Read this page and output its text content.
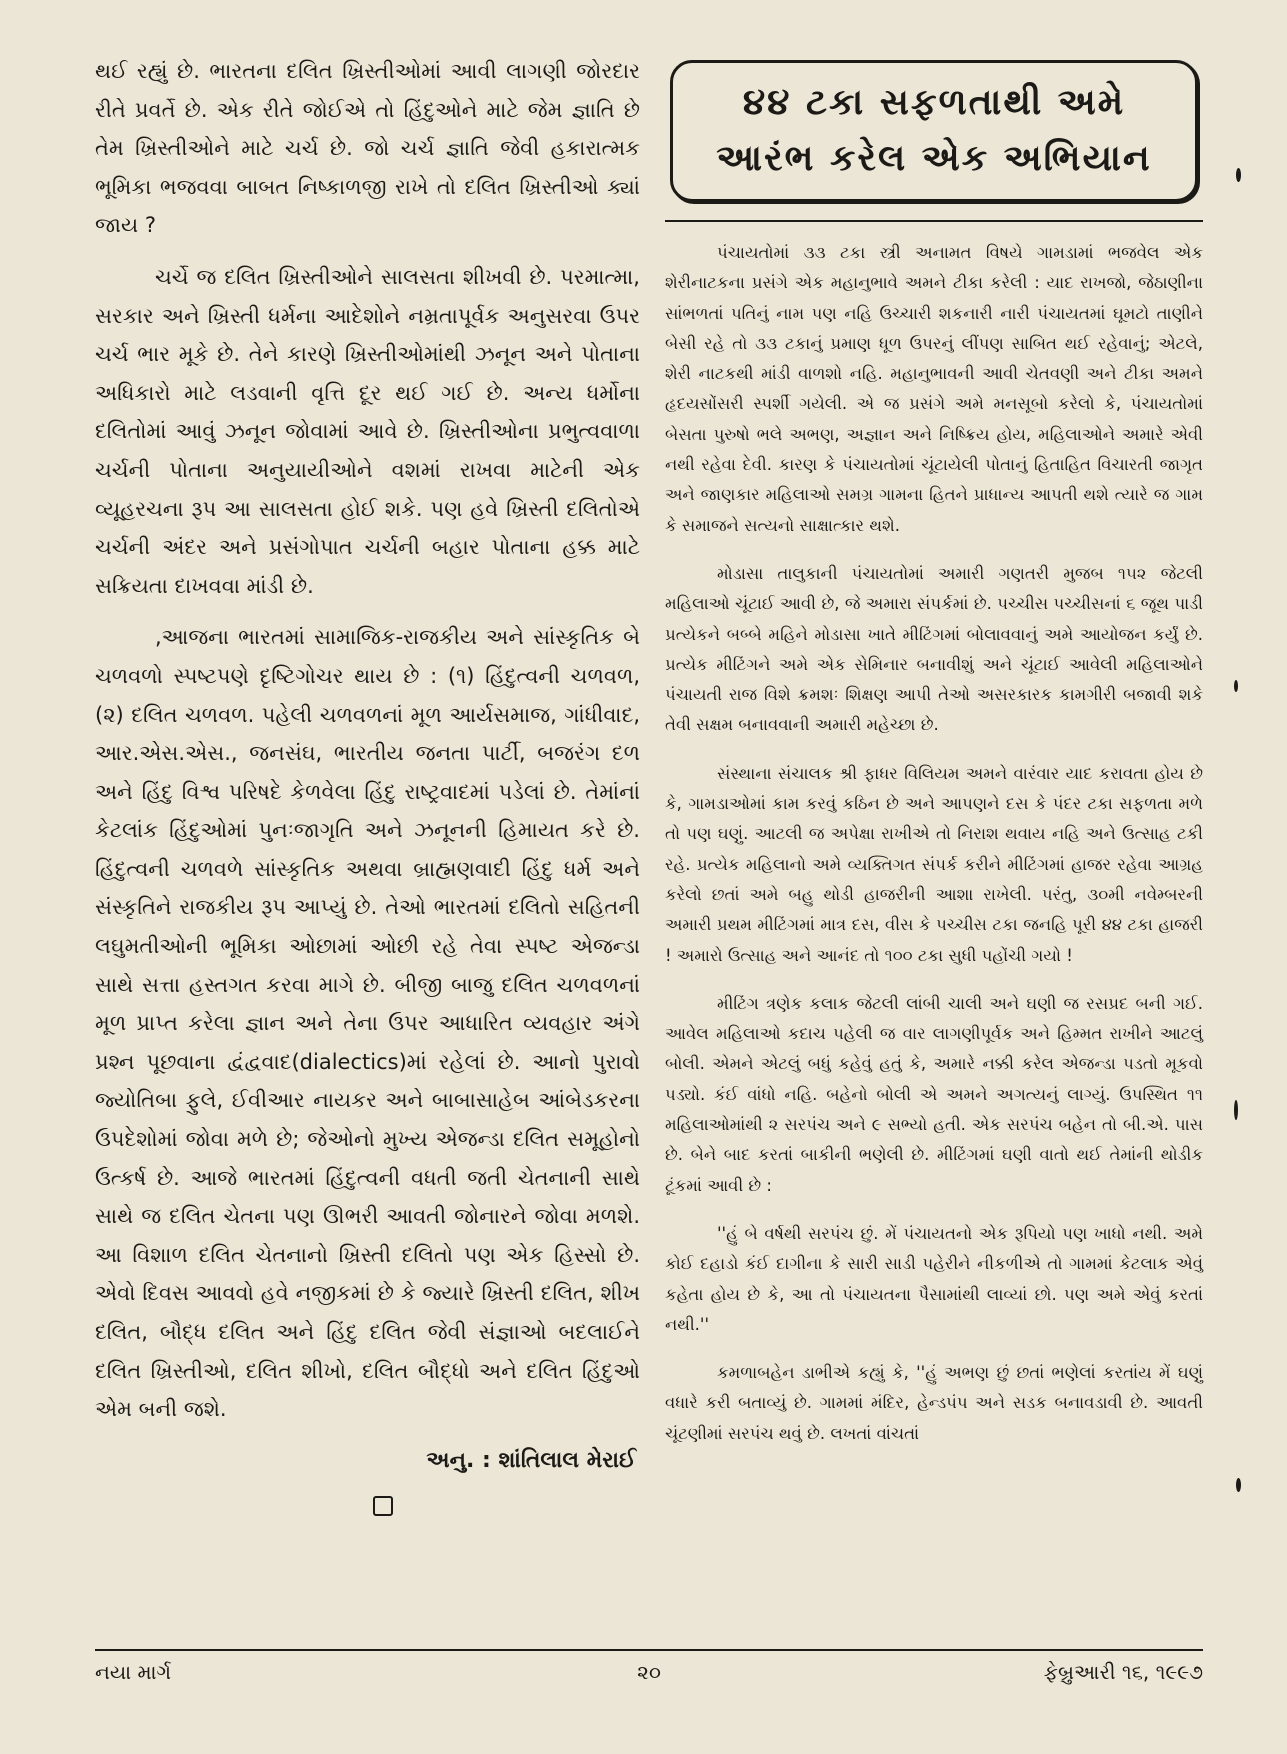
થઈ રહ્યું છે. ભારતના દલિત ખ્રિસ્તીઓમાં આવી લાગણી જોરદાર રીતે પ્રવર્તે છે. એક રીતે જોઈએ તો હિંદુઓને માટે જેમ જ્ઞાતિ છે તેમ ખ્રિસ્તીઓને માટે ચર્ચ છે. જો ચર્ચ જ્ઞાતિ જેવી હકારાત્મક ભૂમિકા ભજવવા બાબત નિષ્કાળજી રાખે તો દલિત ખ્રિસ્તીઓ ક્યાં જાય ?

ચર્ચે જ દલિત ખ્રિસ્તીઓને સાલસતા શીખવી છે. પરમાત્મા, સરકાર અને ખ્રિસ્તી ધર્મના આદેશોને નમ્રતાપૂર્વક અનુસરવા ઉપર ચર્ચ ભાર મૂકે છે. તેને કારણે ખ્રિસ્તીઓમાંથી ઝનૂન અને પોતાના અધિકારો માટે લડવાની વૃત્તિ દૂર થઈ ગઈ છે. અન્ય ધર્મોના દલિતોમાં આવું ઝનૂન જોવામાં આવે છે. ખ્રિસ્તીઓના પ્રભુત્વવાળા ચર્ચની પોતાના અનુયાયીઓને વશમાં રાખવા માટેની એક વ્યૂહરચના રૂપ આ સાલસતા હોઈ શકે. પણ હવે ખ્રિસ્તી દલિતોએ ચર્ચની અંદર અને પ્રસંગોપાત ચર્ચની બહાર પોતાના હક્ક માટે સક્રિયતા દાખવવા માંડી છે.

,આજના ભારતમાં સામાજિક-રાજકીય અને સાંસ્કૃતિક બે ચળવળો સ્પષ્ટપણે દૃષ્ટિગોચર થાય છે : (૧) હિંદુત્વની ચળવળ, (૨) દલિત ચળવળ. પહેલી ચળવળનાં મૂળ આર્યસમાજ, ગાંધીવાદ, આર.એસ.એસ., જનસંઘ, ભારતીય જનતા પાર્ટી, બજરંગ દળ અને હિંદુ વિશ્વ પરિષદે કેળવેલા હિંદુ રાષ્ટ્રવાદમાં પડેલાં છે. તેમાંનાં કેટલાંક હિંદુઓમાં પુનઃજાગૃતિ અને ઝનૂનની હિમાયત કરે છે. હિંદુત્વની ચળવળે સાંસ્કૃતિક અથવા બ્રાહ્મણવાદી હિંદુ ધર્મ અને સંસ્કૃતિને રાજકીય રૂપ આપ્યું છે. તેઓ ભારતમાં દલિતો સહિતની લઘુમતીઓની ભૂમિકા ઓછામાં ઓછી રહે તેવા સ્પષ્ટ એજન્ડા સાથે સત્તા હસ્તગત કરવા માગે છે. બીજી બાજુ દલિત ચળવળનાં મૂળ પ્રાપ્ત કરેલા જ્ઞાન અને તેના ઉપર આધારિત વ્યવહાર અંગે પ્રશ્ન પૂછવાના દ્વંદ્વવાદ(dialectics)માં રહેલાં છે. આનો પુરાવો જ્યોતિબા ફુલે, ઈવીઆર નાયકર અને બાબાસાહેબ આંબેડકરના ઉપદેશોમાં જોવા મળે છે; જેઓનો મુખ્ય એજન્ડા દલિત સમૂહોનો ઉત્કર્ષ છે. આજે ભારતમાં હિંદુત્વની વધતી જતી ચેતનાની સાથે સાથે જ દલિત ચેતના પણ ઊભરી આવતી જોનારને જોવા મળશે. આ વિશાળ દલિત ચેતનાનો ખ્રિસ્તી દલિતો પણ એક હિસ્સો છે. એવો દિવસ આવવો હવે નજીકમાં છે કે જ્યારે ખ્રિસ્તી દલિત, શીખ દલિત, બૌદ્ધ દલિત અને હિંદુ દલિત જેવી સંજ્ઞાઓ બદલાઈને દલિત ખ્રિસ્તીઓ, દલિત શીખો, દલિત બૌદ્ધો અને દલિત હિંદુઓ એમ બની જશે.

અનુ. : શાંતિલાલ મેરાઈ
૪૪ ટકા સફળતાથી અમે
આરંભ કરેલ એક અભિયાન

પંચાયતોમાં ૩૩ ટકા સ્ત્રી અનામત વિષયે ગામડામાં ભજવેલ એક શેરીનાટકના પ્રસંગે એક મહાનુભાવે અમને ટીકા કરેલી : યાદ રાખજો, જેઠાણીના સાંભળતાં પતિનું નામ પણ નહિ ઉચ્ચારી શકનારી નારી પંચાયતમાં ઘૂમટો તાણીને બેસી રહે તો ૩૩ ટકાનું પ્રમાણ ધૂળ ઉપરનું લીંપણ સાબિત થઈ રહેવાનું; એટલે, શેરી નાટકથી માંડી વાળશો નહિ. મહાનુભાવની આવી ચેતવણી અને ટીકા અમને હૃદયસોંસરી સ્પર્શી ગયેલી. એ જ પ્રસંગે અમે મનસૂબો કરેલો કે, પંચાયતોમાં બેસતા પુરુષો ભલે અભણ, અજ્ઞાન અને નિષ્ક્રિય હોય, મહિલાઓને અમારે એવી નથી રહેવા દેવી. કારણ કે પંચાયતોમાં ચૂંટાયેલી પોતાનું હિતાહિત વિચારતી જાગૃત અને જાણકાર મહિલાઓ સમગ્ર ગામના હિતને પ્રાધાન્ય આપતી થશે ત્યારે જ ગામ કે સમાજને સત્યનો સાક્ષાત્કાર થશે.

મોડાસા તાલુકાની પંચાયતોમાં અમારી ગણતરી મુજબ ૧૫૨ જેટલી મહિલાઓ ચૂંટાઈ આવી છે, જે અમારા સંપર્કમાં છે. પચ્ચીસ પચ્ચીસનાં ૬ જૂથ પાડી પ્રત્યેકને બબ્બે મહિને મોડાસા ખાતે મીટિંગમાં બોલાવવાનું અમે આયોજન કર્યું છે. પ્રત્યેક મીટિંગને અમે એક સેમિનાર બનાવીશું અને ચૂંટાઈ આવેલી મહિલાઓને પંચાયતી રાજ વિશે ક્રમશઃ શિક્ષણ આપી તેઓ અસરકારક કામગીરી બજાવી શકે તેવી સક્ષમ બનાવવાની અમારી મહેચ્છા છે.

સંસ્થાના સંચાલક શ્રી ફાધર વિલિયમ અમને વારંવાર યાદ કરાવતા હોય છે કે, ગામડાઓમાં કામ કરવું કઠિન છે અને આપણને દસ કે પંદર ટકા સફળતા મળે તો પણ ઘણું. આટલી જ અપેક્ષા રાખીએ તો નિરાશ થવાય નહિ અને ઉત્સાહ ટકી રહે. પ્રત્યેક મહિલાનો અમે વ્યક્તિગત સંપર્ક કરીને મીટિંગમાં હાજર રહેવા આગ્રહ કરેલો છતાં અમે બહુ થોડી હાજરીની આશા રાખેલી. પરંતુ, ૩૦મી નવેમ્બરની અમારી પ્રથમ મીટિંગમાં માત્ર દસ, વીસ કે પચ્ચીસ ટકા જનહિ પૂરી ૪૪ ટકા હાજરી ! અમારો ઉત્સાહ અને આનંદ તો ૧૦૦ ટકા સુધી પહોંચી ગયો !

મીટિંગ ત્રણેક કલાક જેટલી લાંબી ચાલી અને ઘણી જ રસપ્રદ બની ગઈ. આવેલ મહિલાઓ કદાચ પહેલી જ વાર લાગણીપૂર્વક અને હિમ્મત રાખીને આટલું બોલી. એમને એટલું બધું કહેવું હતું કે, અમારે નક્કી કરેલ એજન્ડા પડતો મૂકવો પડ્યો. કંઈ વાંધો નહિ. બહેનો બોલી એ અમને અગત્યનું લાગ્યું. ઉપસ્થિત ૧૧ મહિલાઓમાંથી ૨ સરપંચ અને ૯ સભ્યો હતી. એક સરપંચ બહેન તો બી.એ. પાસ છે. બેને બાદ કરતાં બાકીની ભણેલી છે. મીટિંગમાં ઘણી વાતો થઈ તેમાંની થોડીક ટૂંકમાં આવી છે :

''હું બે વર્ષથી સરપંચ છું. મેં પંચાયતનો એક રૂપિયો પણ ખાધો નથી. અમે કોઈ દહાડો કંઈ દાગીના કે સારી સાડી પહેરીને નીકળીએ તો ગામમાં કેટલાક એવું કહેતા હોય છે કે, આ તો પંચાયતના પૈસામાંથી લાવ્યાં છો. પણ અમે એવું કરતાં નથી.''

કમળાબહેન ડાભીએ કહ્યું કે, ''હું અભણ છું છતાં ભણેલાં કરતાંય મેં ઘણું વધારે કરી બતાવ્યું છે. ગામમાં મંદિર, હેન્ડપંપ અને સડક બનાવડાવી છે. આવતી ચૂંટણીમાં સરપંચ થવું છે. લખતાં વાંચતાં

નયા માર્ગ	૨૦	ફેબ્રુઆરી ૧૬, ૧૯૯૭
